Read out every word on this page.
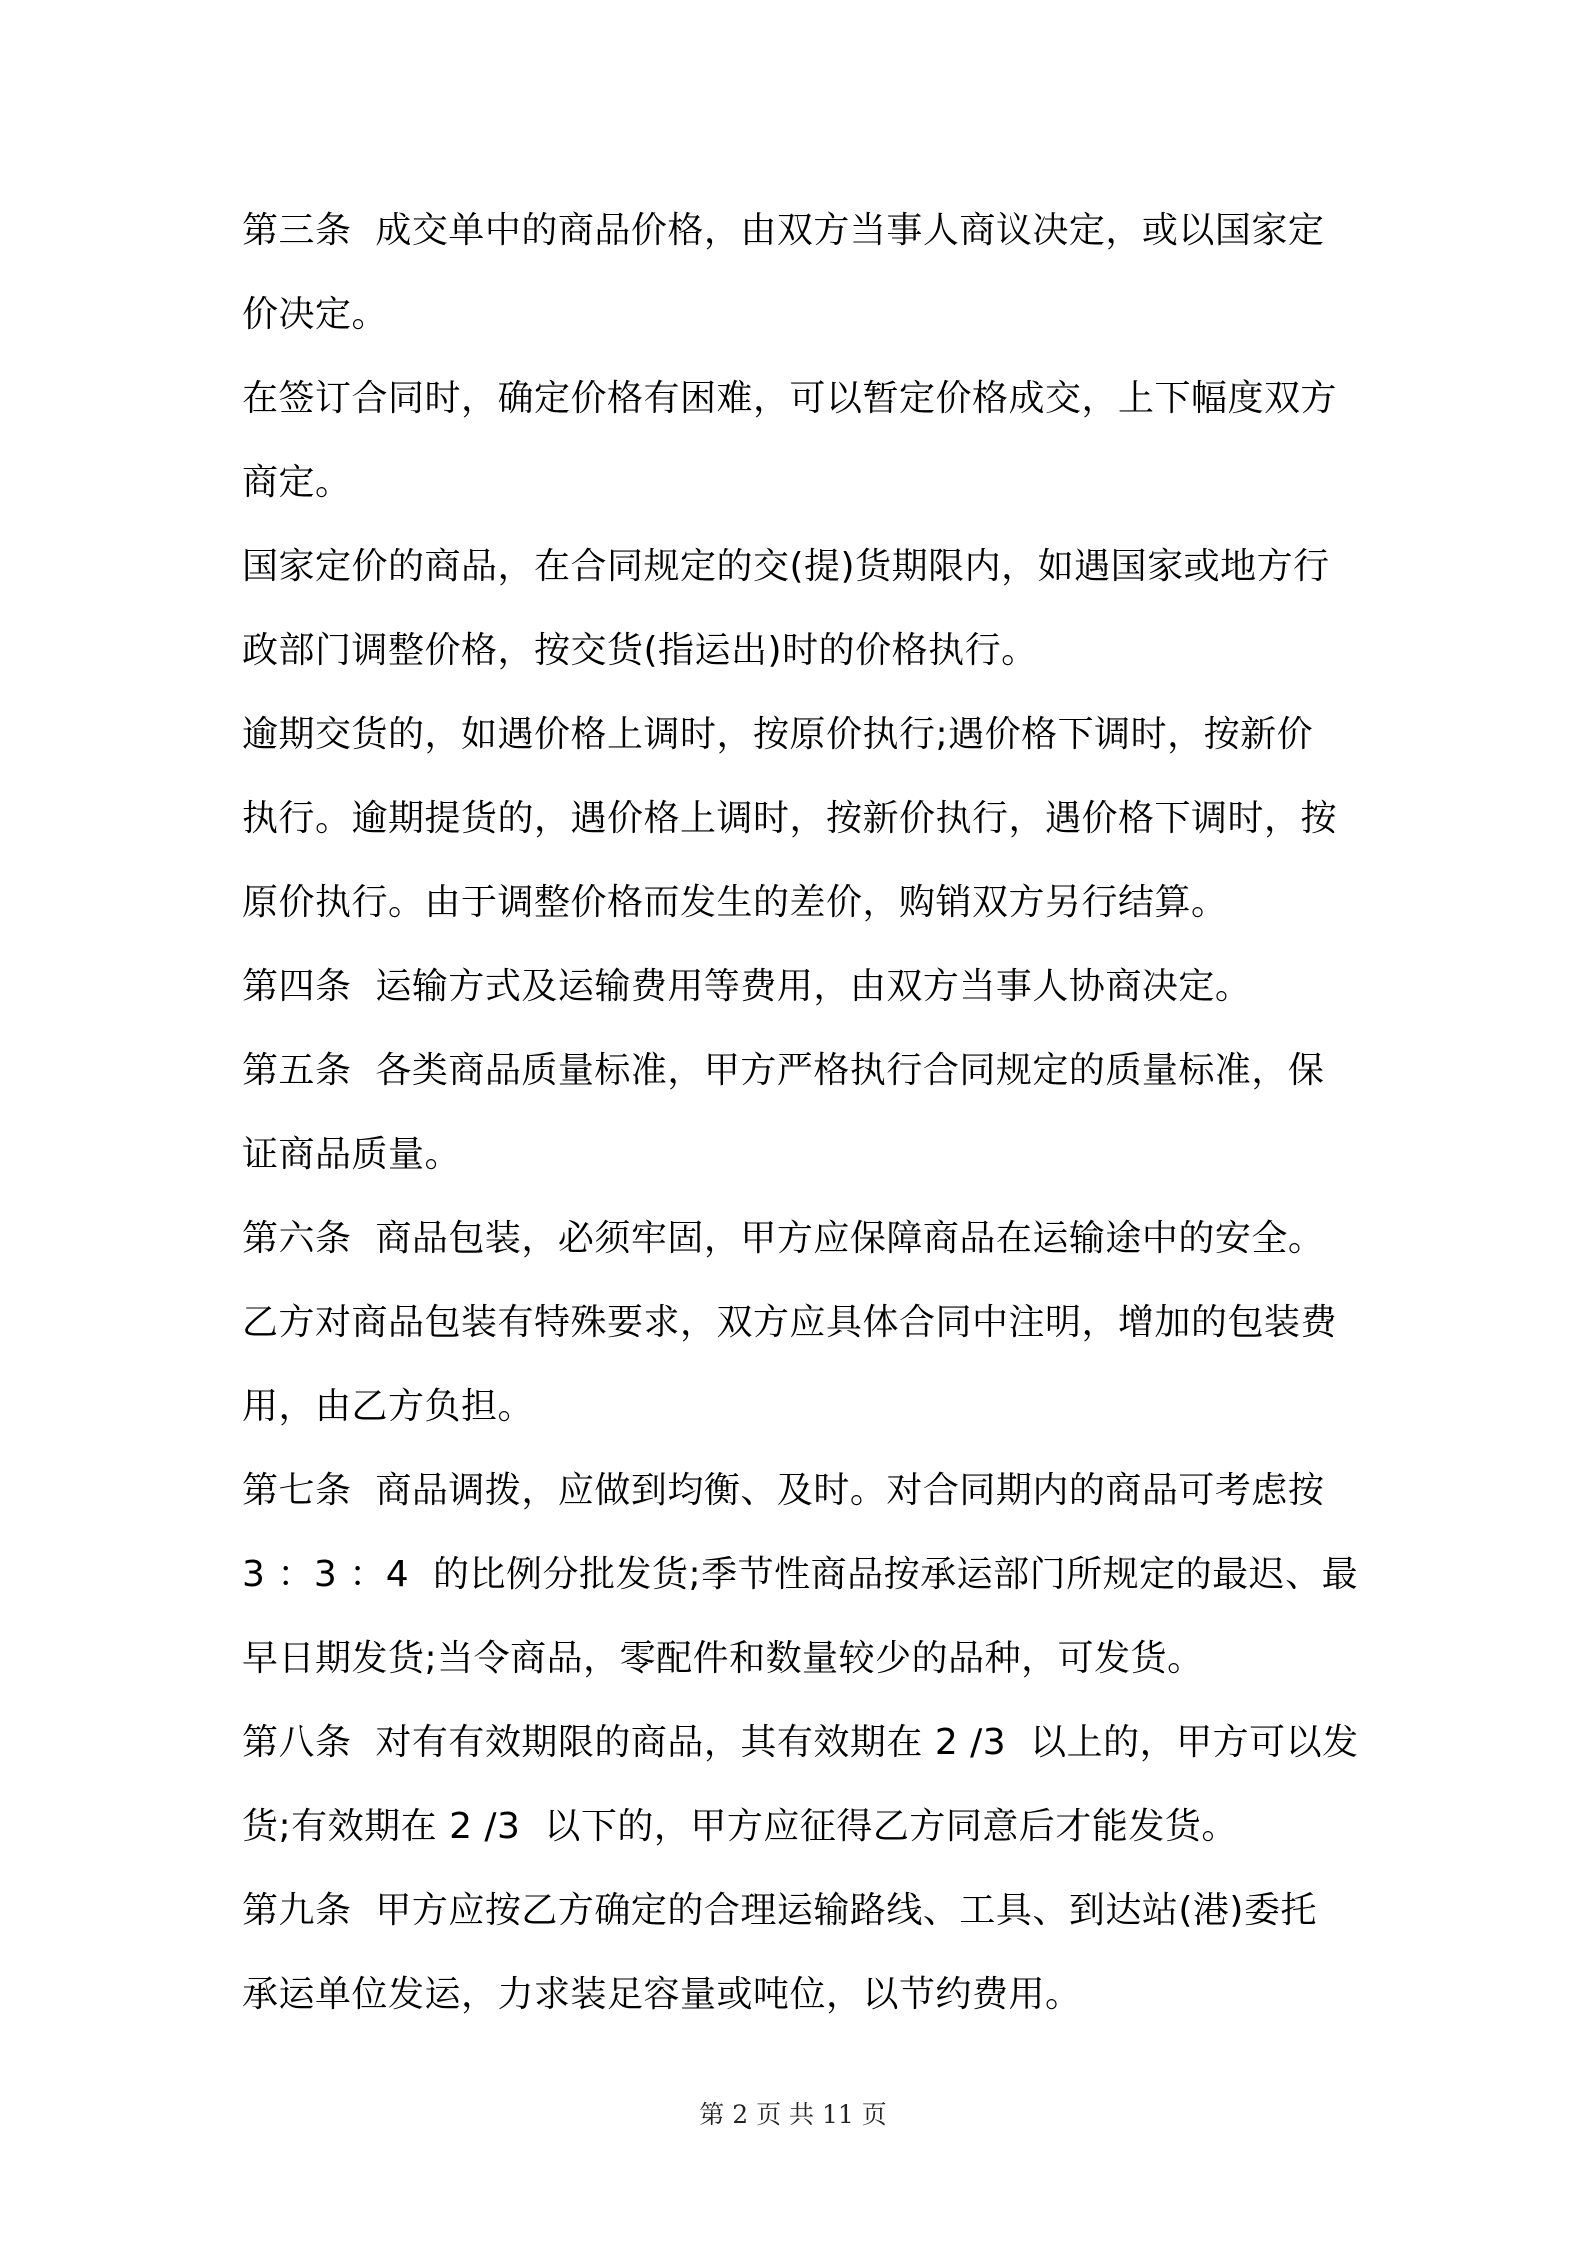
第三条  成交单中的商品价格，由双方当事人商议决定，或以国家定
价决定。
在签订合同时，确定价格有困难，可以暂定价格成交，上下幅度双方
商定。
国家定价的商品，在合同规定的交(提)货期限内，如遇国家或地方行
政部门调整价格，按交货(指运出)时的价格执行。
逾期交货的，如遇价格上调时，按原价执行;遇价格下调时，按新价
执行。逾期提货的，遇价格上调时，按新价执行，遇价格下调时，按
原价执行。由于调整价格而发生的差价，购销双方另行结算。
第四条  运输方式及运输费用等费用，由双方当事人协商决定。
第五条  各类商品质量标准，甲方严格执行合同规定的质量标准，保
证商品质量。
第六条  商品包装，必须牢固，甲方应保障商品在运输途中的安全。
乙方对商品包装有特殊要求，双方应具体合同中注明，增加的包装费
用，由乙方负担。
第七条  商品调拨，应做到均衡、及时。对合同期内的商品可考虑按
3 ：3 ：4  的比例分批发货;季节性商品按承运部门所规定的最迟、最
早日期发货;当令商品，零配件和数量较少的品种，可发货。
第八条  对有有效期限的商品，其有效期在 2 /3  以上的，甲方可以发
货;有效期在 2 /3  以下的，甲方应征得乙方同意后才能发货。
第九条  甲方应按乙方确定的合理运输路线、工具、到达站(港)委托
承运单位发运，力求装足容量或吨位，以节约费用。
第 2 页 共 11 页
